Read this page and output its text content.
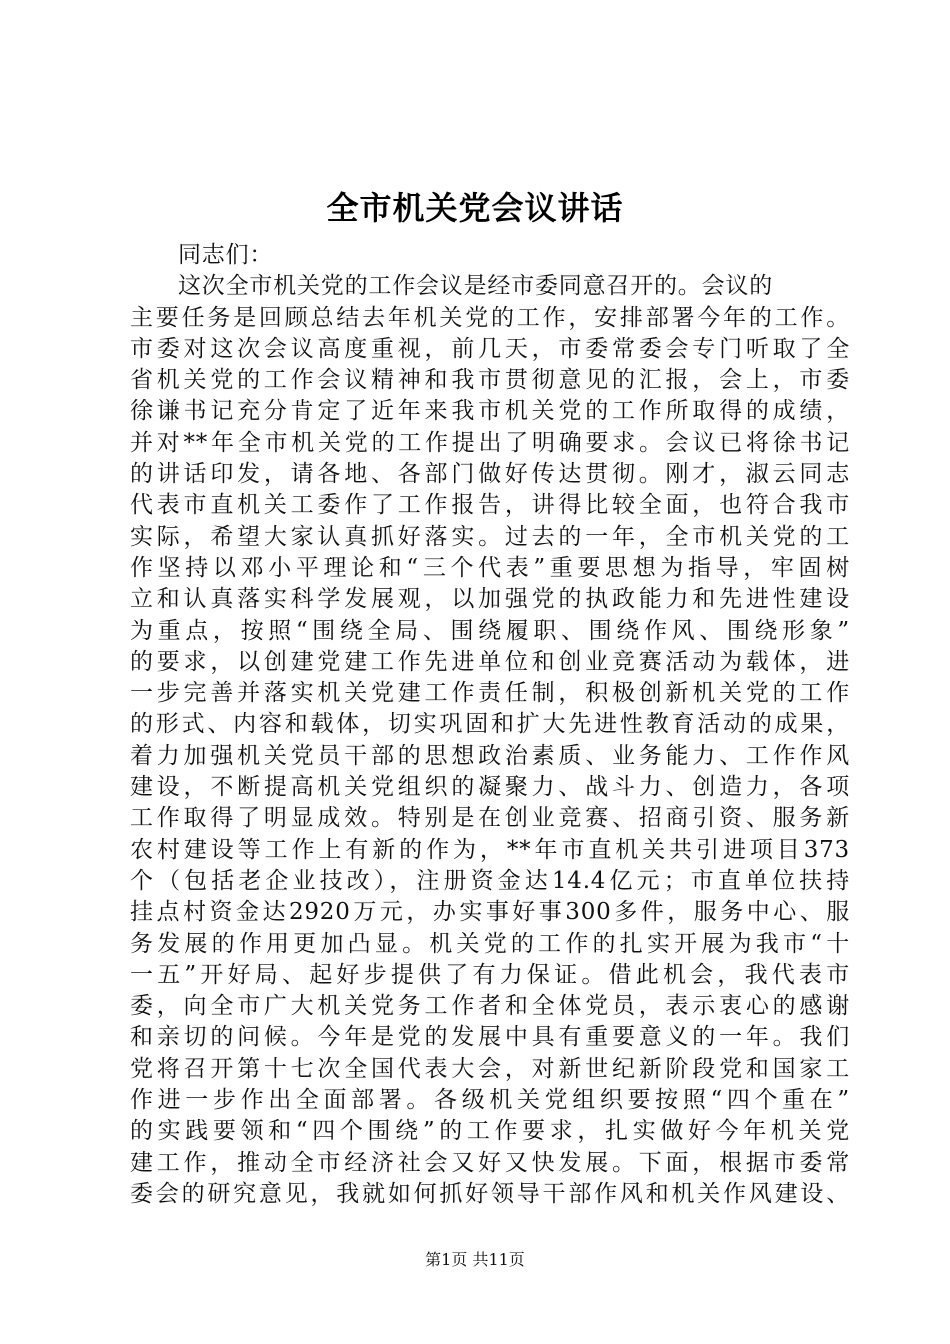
全市机关党会议讲话
同志们：
这次全市机关党的工作会议是经市委同意召开的。会议的
主要任务是回顾总结去年机关党的工作，安排部署今年的工作。
市委对这次会议高度重视，前几天，市委常委会专门听取了全
省机关党的工作会议精神和我市贯彻意见的汇报，会上，市委
徐谦书记充分肯定了近年来我市机关党的工作所取得的成绩，
并对**年全市机关党的工作提出了明确要求。会议已将徐书记
的讲话印发，请各地、各部门做好传达贯彻。刚才，淑云同志
代表市直机关工委作了工作报告，讲得比较全面，也符合我市
实际，希望大家认真抓好落实。过去的一年，全市机关党的工
作坚持以邓小平理论和“三个代表”重要思想为指导，牢固树
立和认真落实科学发展观，以加强党的执政能力和先进性建设
为重点，按照“围绕全局、围绕履职、围绕作风、围绕形象”
的要求，以创建党建工作先进单位和创业竞赛活动为载体，进
一步完善并落实机关党建工作责任制，积极创新机关党的工作
的形式、内容和载体，切实巩固和扩大先进性教育活动的成果，
着力加强机关党员干部的思想政治素质、业务能力、工作作风
建设，不断提高机关党组织的凝聚力、战斗力、创造力，各项
工作取得了明显成效。特别是在创业竞赛、招商引资、服务新
农村建设等工作上有新的作为，**年市直机关共引进项目373
个（包括老企业技改），注册资金达14.4亿元；市直单位扶持
挂点村资金达2920万元，办实事好事300多件，服务中心、服
务发展的作用更加凸显。机关党的工作的扎实开展为我市“十
一五”开好局、起好步提供了有力保证。借此机会，我代表市
委，向全市广大机关党务工作者和全体党员，表示衷心的感谢
和亲切的问候。今年是党的发展中具有重要意义的一年。我们
党将召开第十七次全国代表大会，对新世纪新阶段党和国家工
作进一步作出全面部署。各级机关党组织要按照“四个重在”
的实践要领和“四个围绕”的工作要求，扎实做好今年机关党
建工作，推动全市经济社会又好又快发展。下面，根据市委常
委会的研究意见，我就如何抓好领导干部作风和机关作风建设、
第1页 共11页
